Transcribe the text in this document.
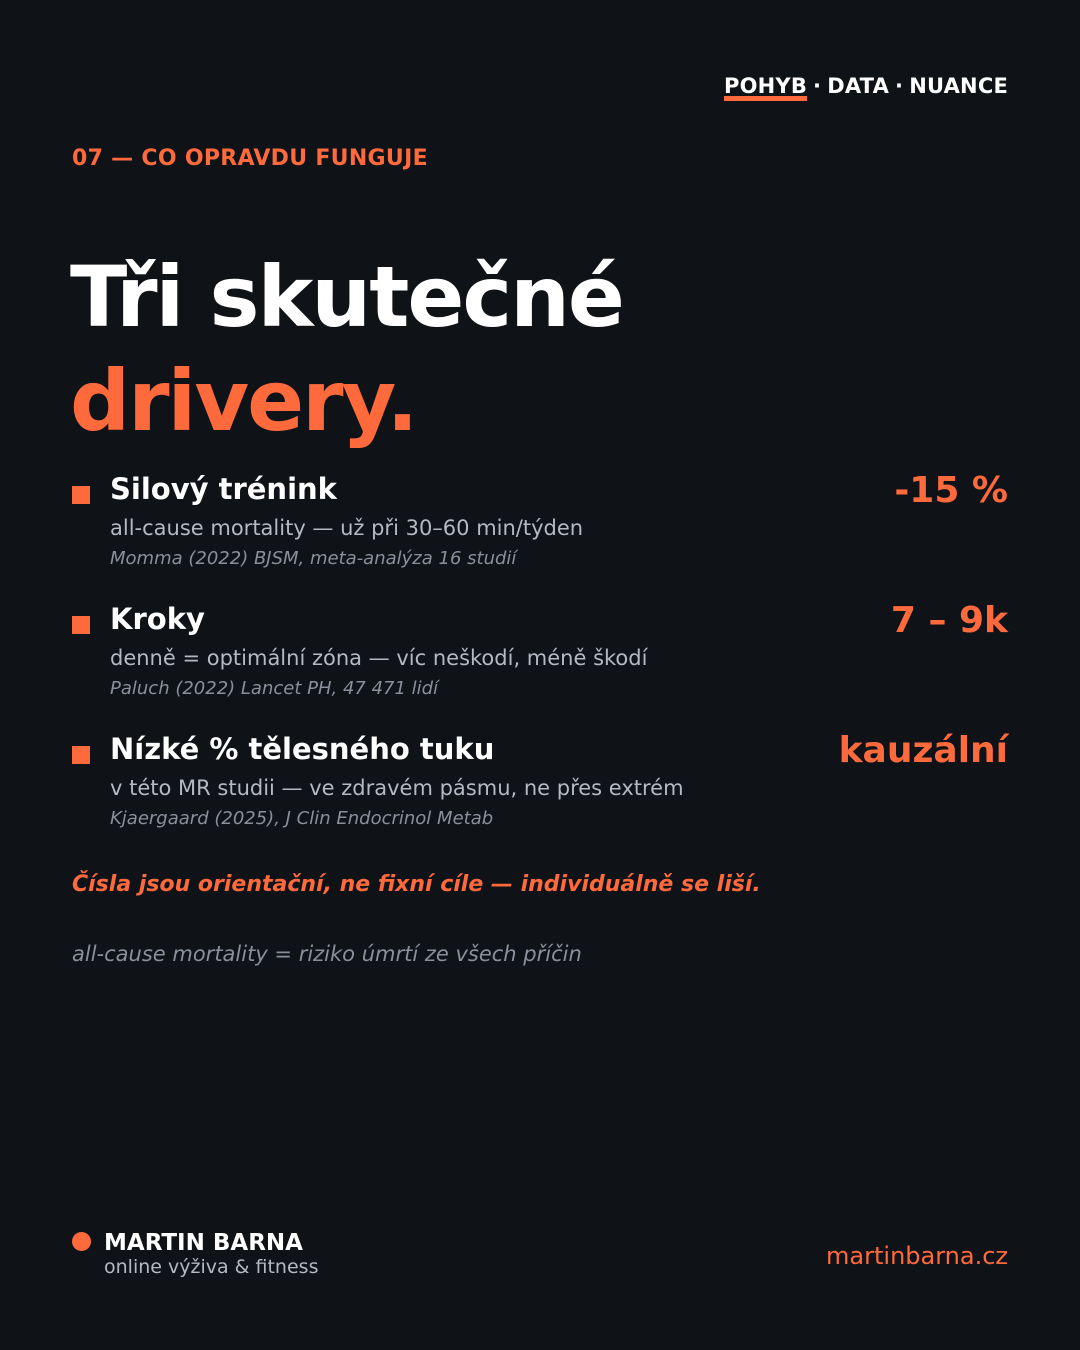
POHYB · DATA · NUANCE
07 — CO OPRAVDU FUNGUJE
Tři skutečné
drivery.
Silový trénink
all-cause mortality — už při 30–60 min/týden
Momma (2022) BJSM, meta-analýza 16 studií
-15 %
Kroky
denně = optimální zóna — víc neškodí, méně škodí
Paluch (2022) Lancet PH, 47 471 lidí
7 – 9k
Nízké % tělesného tuku
v této MR studii — ve zdravém pásmu, ne přes extrém
Kjaergaard (2025), J Clin Endocrinol Metab
kauzální
Čísla jsou orientační, ne fixní cíle — individuálně se liší.
all-cause mortality = riziko úmrtí ze všech příčin
MARTIN BARNA
online výživa & fitness	martinbarna.cz
